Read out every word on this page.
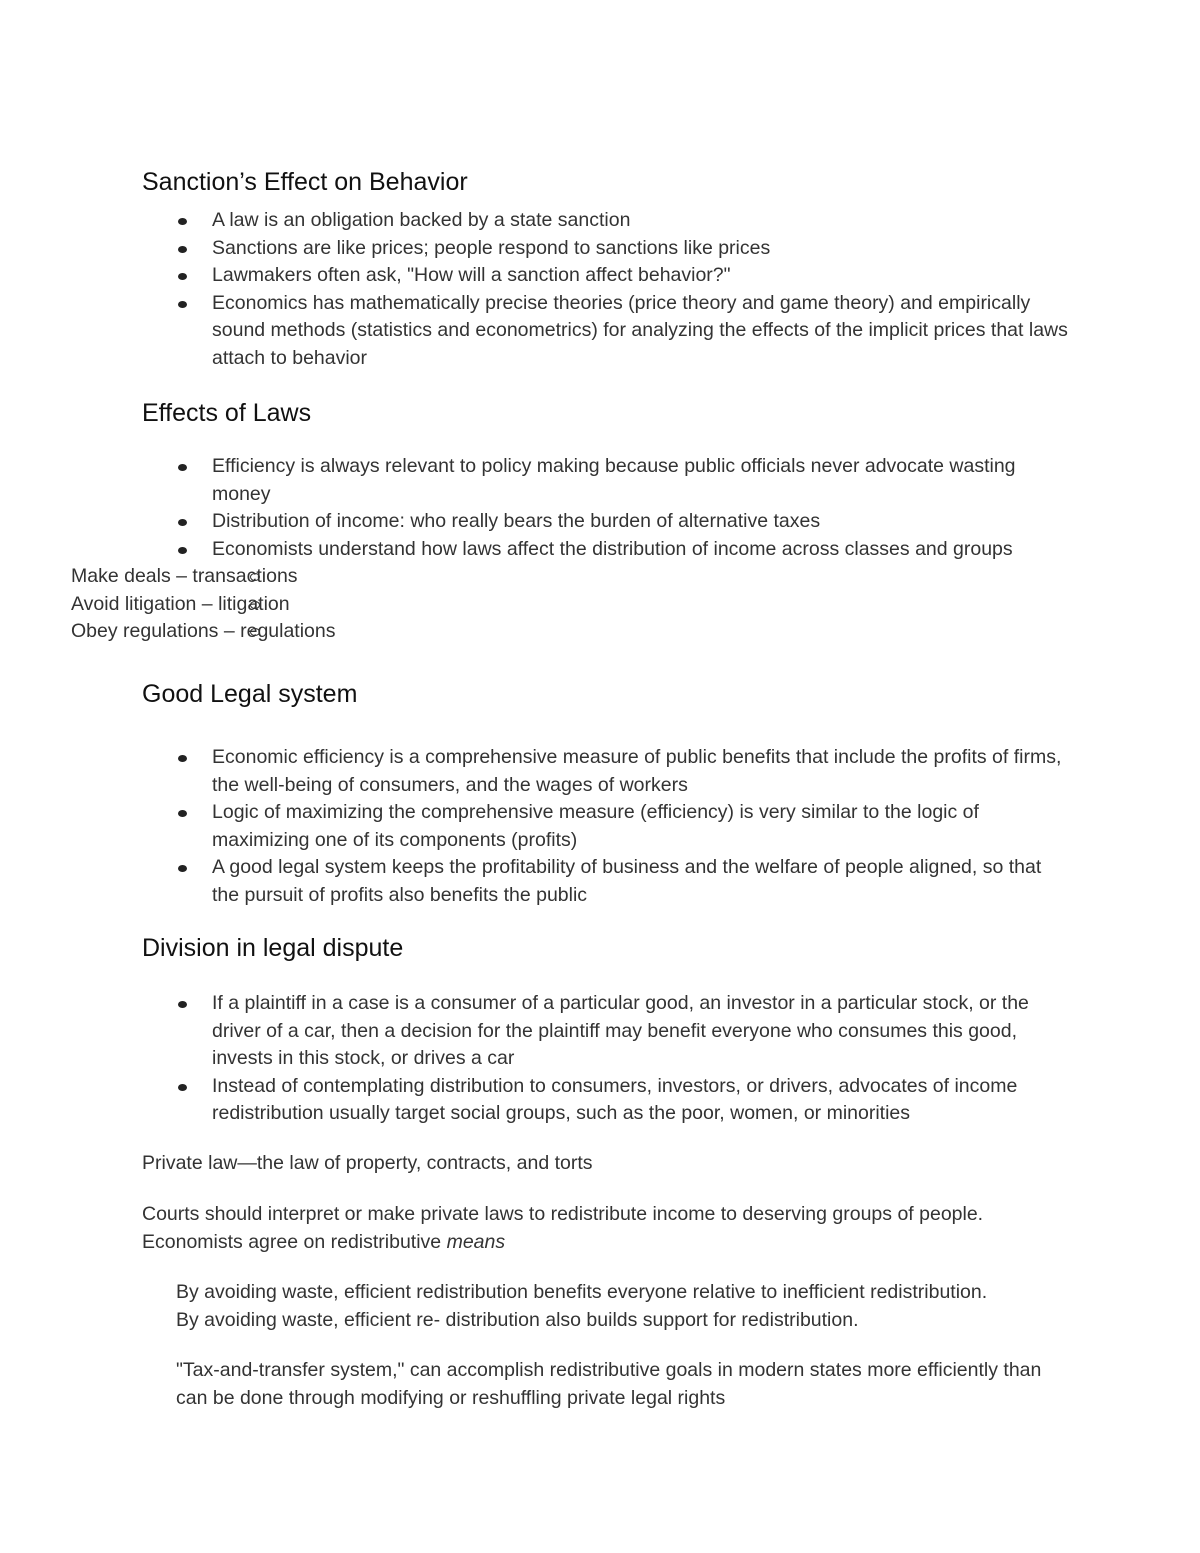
Sanction’s Effect on Behavior
A law is an obligation backed by a state sanction
Sanctions are like prices; people respond to sanctions like prices
Lawmakers often ask, "How will a sanction affect behavior?"
Economics has mathematically precise theories (price theory and game theory) and empirically sound methods (statistics and econometrics) for analyzing the effects of the implicit prices that laws attach to behavior
Effects of Laws
Efficiency is always relevant to policy making because public officials never advocate wasting money
Distribution of income: who really bears the burden of alternative taxes
Economists understand how laws affect the distribution of income across classes and groups
Make deals – transactions
Avoid litigation – litigation
Obey regulations – regulations
Good Legal system
Economic efficiency is a comprehensive measure of public benefits that include the profits of firms, the well-being of consumers, and the wages of workers
Logic of maximizing the comprehensive measure (efficiency) is very similar to the logic of maximizing one of its components (profits)
A good legal system keeps the profitability of business and the welfare of people aligned, so that the pursuit of profits also benefits the public
Division in legal dispute
If a plaintiff in a case is a consumer of a particular good, an investor in a particular stock, or the driver of a car, then a decision for the plaintiff may benefit everyone who consumes this good, invests in this stock, or drives a car
Instead of contemplating distribution to consumers, investors, or drivers, advocates of income redistribution usually target social groups, such as the poor, women, or minorities

Private law—the law of property, contracts, and torts

Courts should interpret or make private laws to redistribute income to deserving groups of people.
Economists agree on redistributive means

By avoiding waste, efficient redistribution benefits everyone relative to inefficient redistribution.
By avoiding waste, efficient re- distribution also builds support for redistribution.

"Tax-and-transfer system," can accomplish redistributive goals in modern states more efficiently than can be done through modifying or reshuffling private legal rights
